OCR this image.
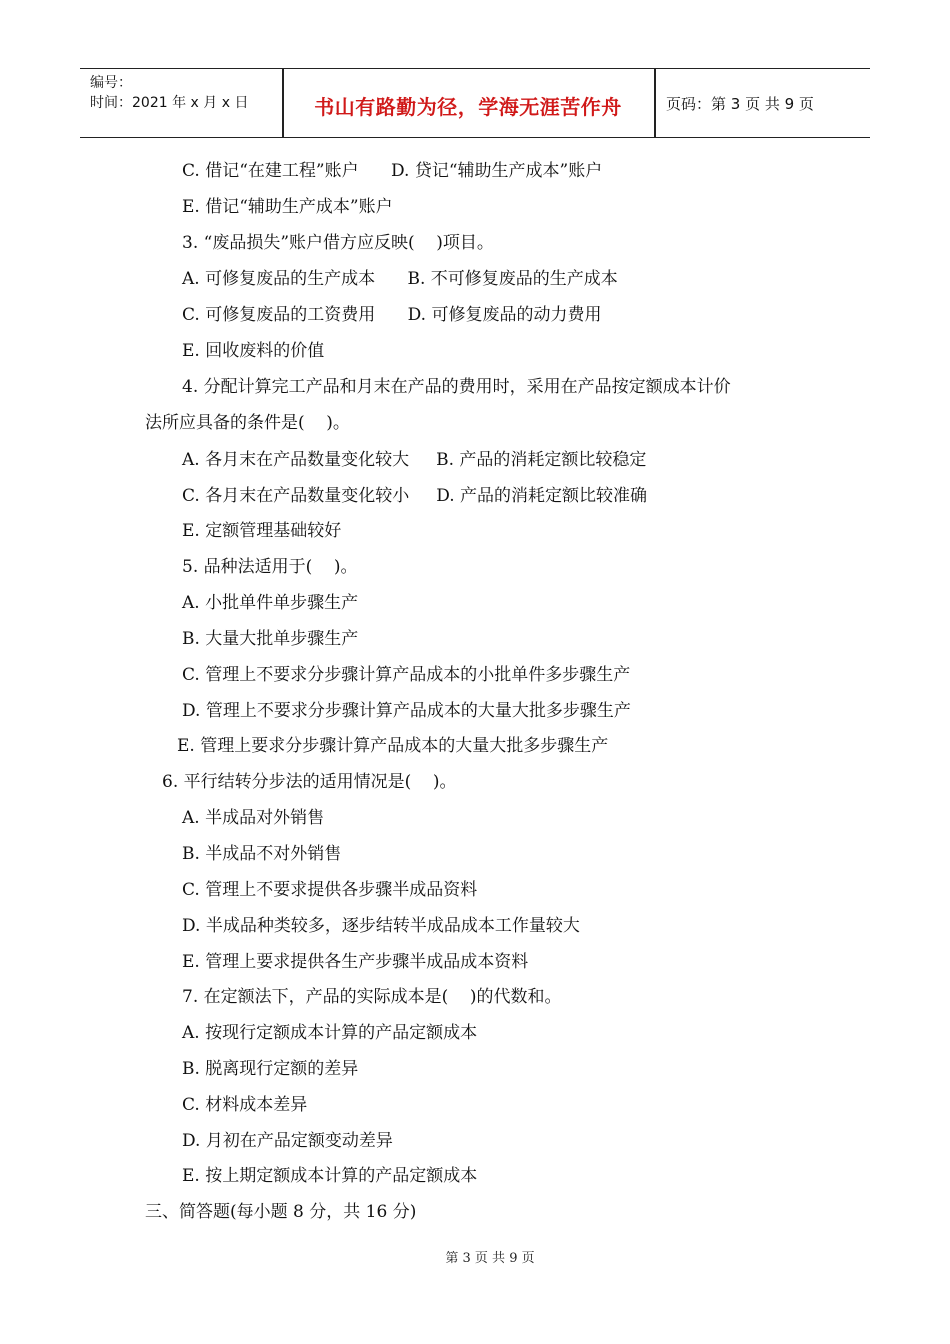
编号：
时间：2021 年 x 月 x 日	书山有路勤为径，学海无涯苦作舟	页码：第 3 页 共 9 页
C. 借记“在建工程”账户      D. 贷记“辅助生产成本”账户
E. 借记“辅助生产成本”账户
3. “废品损失”账户借方应反映(    )项目。
A. 可修复废品的生产成本      B. 不可修复废品的生产成本
C. 可修复废品的工资费用      D. 可修复废品的动力费用
E. 回收废料的价值
4. 分配计算完工产品和月末在产品的费用时，采用在产品按定额成本计价
法所应具备的条件是(    )。
A. 各月末在产品数量变化较大     B. 产品的消耗定额比较稳定
C. 各月末在产品数量变化较小     D. 产品的消耗定额比较准确
E. 定额管理基础较好
5. 品种法适用于(    )。
A. 小批单件单步骤生产
B. 大量大批单步骤生产
C. 管理上不要求分步骤计算产品成本的小批单件多步骤生产
D. 管理上不要求分步骤计算产品成本的大量大批多步骤生产
E. 管理上要求分步骤计算产品成本的大量大批多步骤生产
6. 平行结转分步法的适用情况是(    )。
A. 半成品对外销售
B. 半成品不对外销售
C. 管理上不要求提供各步骤半成品资料
D. 半成品种类较多，逐步结转半成品成本工作量较大
E. 管理上要求提供各生产步骤半成品成本资料
7. 在定额法下，产品的实际成本是(    )的代数和。
A. 按现行定额成本计算的产品定额成本
B. 脱离现行定额的差异
C. 材料成本差异
D. 月初在产品定额变动差异
E. 按上期定额成本计算的产品定额成本
三、简答题(每小题 8 分，共 16 分)
第 3 页 共 9 页
